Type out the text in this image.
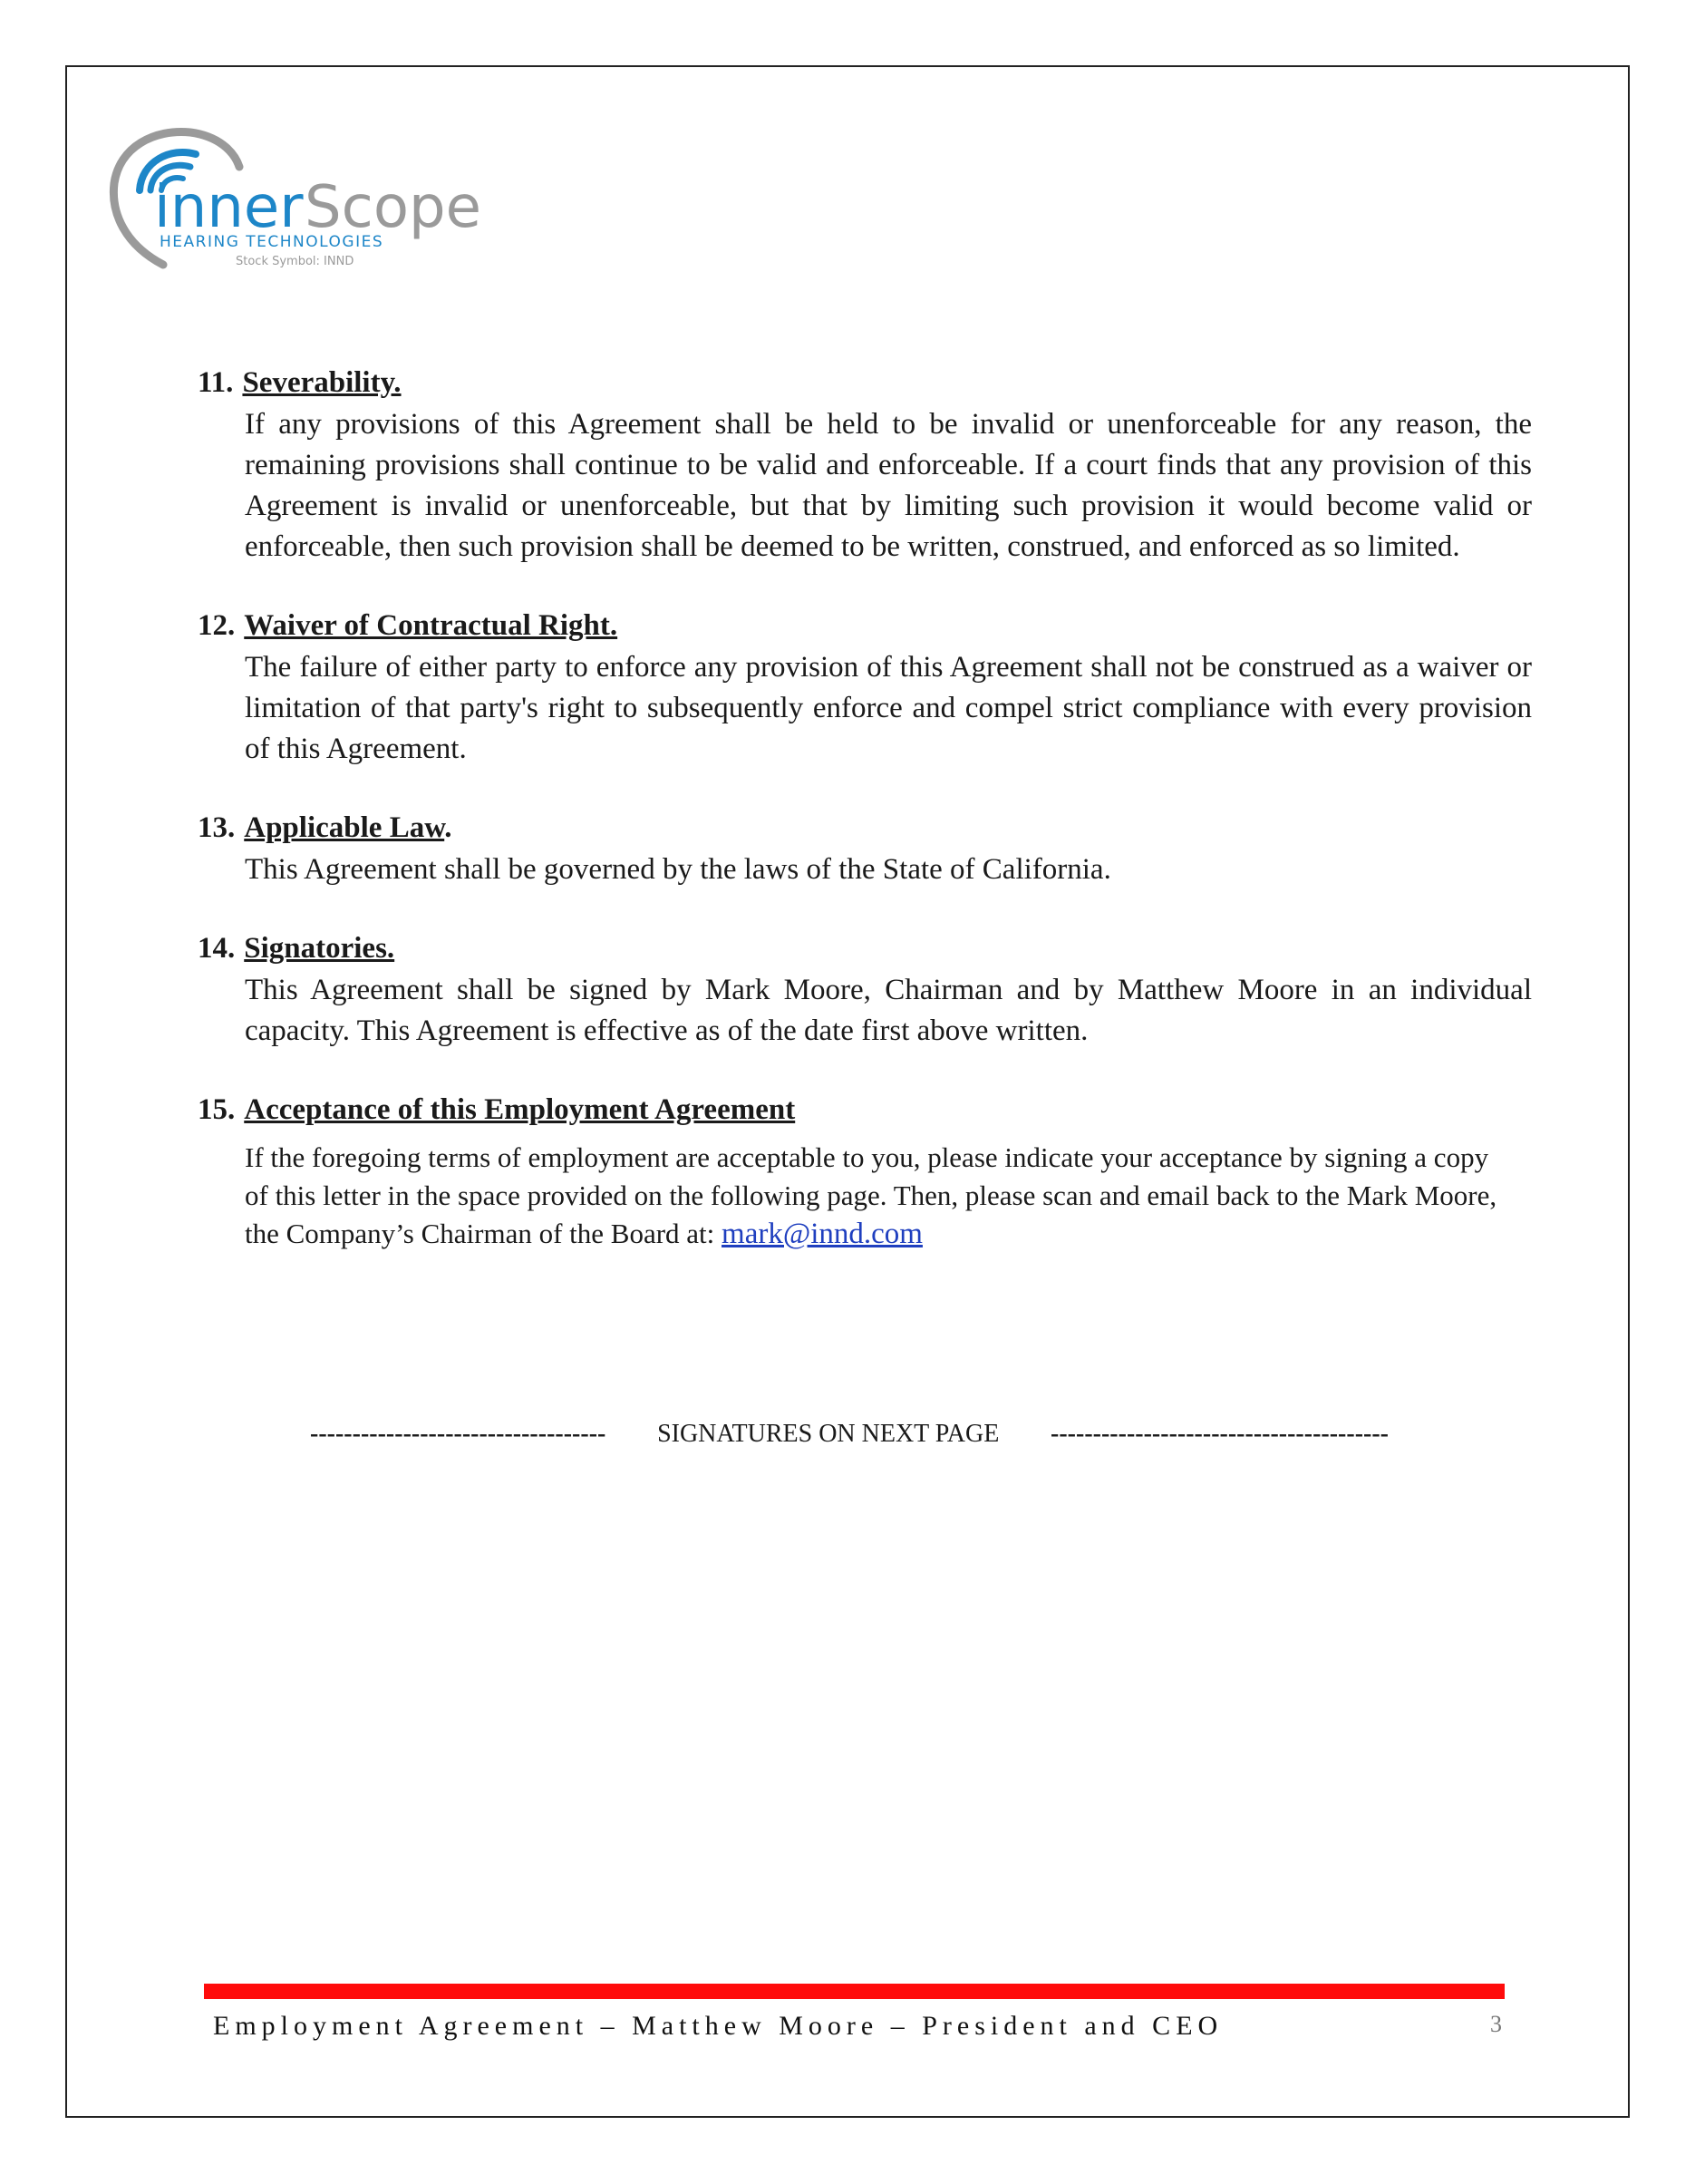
inner Scope
HEARING TECHNOLOGIES
Stock Symbol: INND
11. Severability.
If any provisions of this Agreement shall be held to be invalid or unenforceable for any reason, the remaining provisions shall continue to be valid and enforceable. If a court finds that any provision of this Agreement is invalid or unenforceable, but that by limiting such provision it would become valid or enforceable, then such provision shall be deemed to be written, construed, and enforced as so limited.
12. Waiver of Contractual Right.
The failure of either party to enforce any provision of this Agreement shall not be construed as a waiver or limitation of that party's right to subsequently enforce and compel strict compliance with every provision of this Agreement.
13. Applicable Law.
This Agreement shall be governed by the laws of the State of California.
14. Signatories.
This Agreement shall be signed by Mark Moore, Chairman and by Matthew Moore in an individual capacity. This Agreement is effective as of the date first above written.
15. Acceptance of this Employment Agreement
If the foregoing terms of employment are acceptable to you, please indicate your acceptance by signing a copy of this letter in the space provided on the following page. Then, please scan and email back to the Mark Moore, the Company’s Chairman of the Board at: mark@innd.com
----------------------------------- SIGNATURES ON NEXT PAGE ----------------------------------------
Employment Agreement – Matthew Moore – President and CEO	3
